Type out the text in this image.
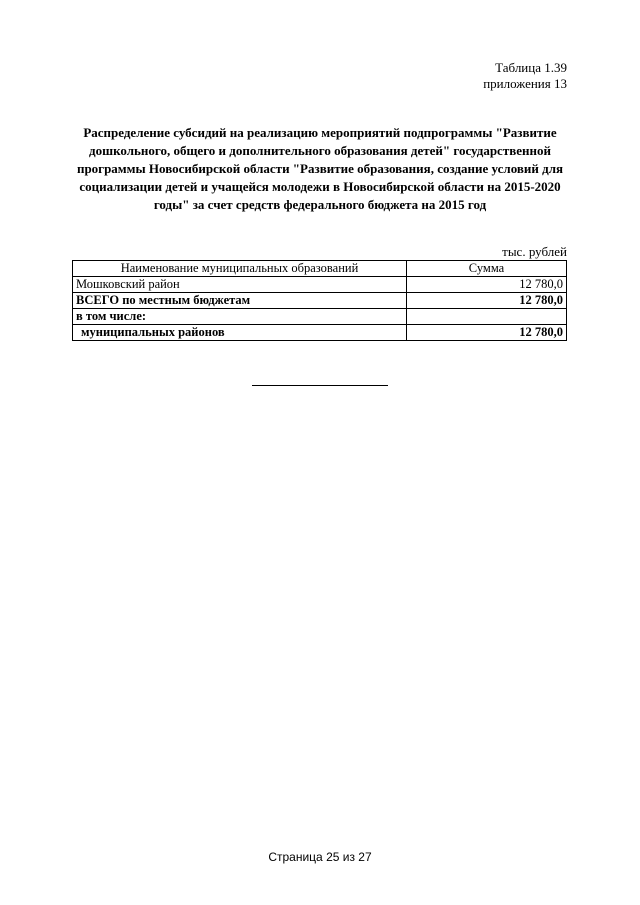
Таблица 1.39
приложения 13
Распределение субсидий на реализацию мероприятий подпрограммы "Развитие дошкольного, общего и дополнительного образования детей" государственной программы Новосибирской области "Развитие образования, создание условий для социализации детей и учащейся молодежи в Новосибирской области на 2015-2020 годы" за счет средств федерального бюджета на 2015 год
тыс. рублей
Наименование муниципальных образований	Сумма
Мошковский район	12 780,0
ВСЕГО по местным бюджетам	12 780,0
в том числе:	
муниципальных районов	12 780,0
Страница 25 из 27
